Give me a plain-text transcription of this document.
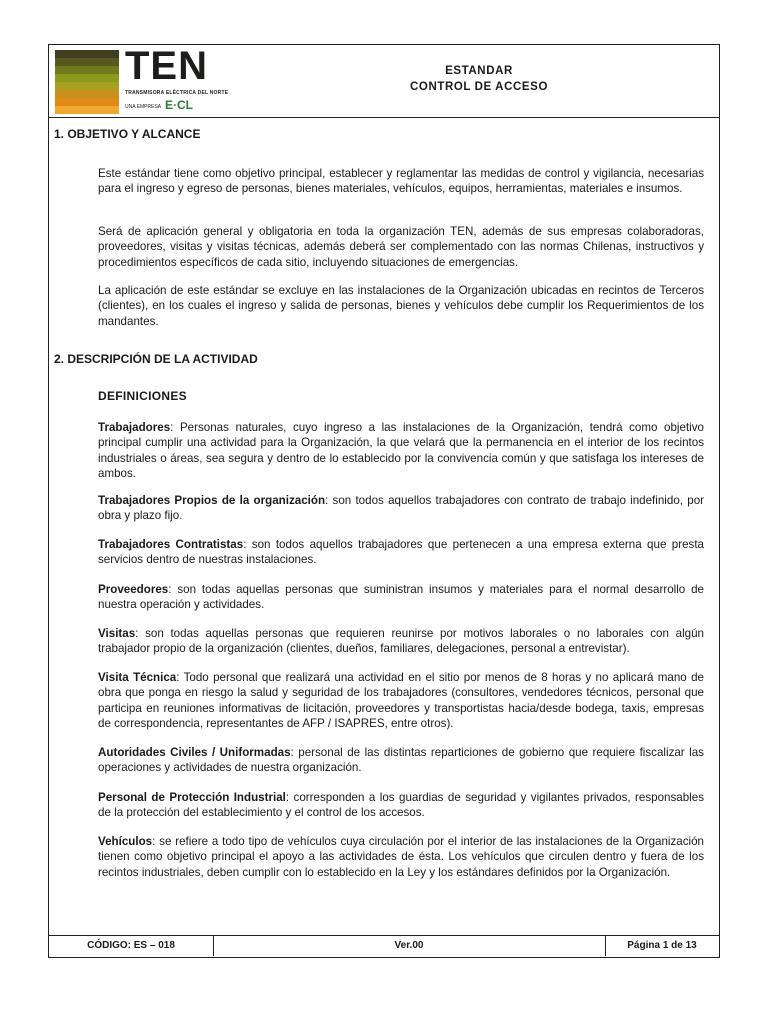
TEN
TRANSMISORA ELÉCTRICA DEL NORTE
UNA EMPRESA E·CL
ESTANDAR
CONTROL DE ACCESO
1. OBJETIVO Y ALCANCE

Este estándar tiene como objetivo principal, establecer y reglamentar las medidas de control y vigilancia, necesarias para el ingreso y egreso de personas, bienes materiales, vehículos, equipos, herramientas, materiales e insumos.

Será de aplicación general y obligatoria en toda la organización TEN, además de sus empresas colaboradoras, proveedores, visitas y visitas técnicas, además deberá ser complementado con las normas Chilenas, instructivos y procedimientos específicos de cada sitio, incluyendo situaciones de emergencias.

La aplicación de este estándar se excluye en las instalaciones de la Organización ubicadas en recintos de Terceros (clientes), en los cuales el ingreso y salida de personas, bienes y vehículos debe cumplir los Requerimientos de los mandantes.

2. DESCRIPCIÓN DE LA ACTIVIDAD
DEFINICIONES

Trabajadores: Personas naturales, cuyo ingreso a las instalaciones de la Organización, tendrá como objetivo principal cumplir una actividad para la Organización, la que velará que la permanencia en el interior de los recintos industriales o áreas, sea segura y dentro de lo establecido por la convivencia común y que satisfaga los intereses de ambos.

Trabajadores Propios de la organización: son todos aquellos trabajadores con contrato de trabajo indefinido, por obra y plazo fijo.

Trabajadores Contratistas: son todos aquellos trabajadores que pertenecen a una empresa externa que presta servicios dentro de nuestras instalaciones.

Proveedores: son todas aquellas personas que suministran insumos y materiales para el normal desarrollo de nuestra operación y actividades.

Visitas: son todas aquellas personas que requieren reunirse por motivos laborales o no laborales con algún trabajador propio de la organización (clientes, dueños, familiares, delegaciones, personal a entrevistar).

Visita Técnica: Todo personal que realizará una actividad en el sitio por menos de 8 horas y no aplicará mano de obra que ponga en riesgo la salud y seguridad de los trabajadores (consultores, vendedores técnicos, personal que participa en reuniones informativas de licitación, proveedores y transportistas hacia/desde bodega, taxis, empresas de correspondencia, representantes de AFP / ISAPRES, entre otros).

Autoridades Civiles / Uniformadas: personal de las distintas reparticiones de gobierno que requiere fiscalizar las operaciones y actividades de nuestra organización.

Personal de Protección Industrial: corresponden a los guardias de seguridad y vigilantes privados, responsables de la protección del establecimiento y el control de los accesos.

Vehículos: se refiere a todo tipo de vehículos cuya circulación por el interior de las instalaciones de la Organización tienen como objetivo principal el apoyo a las actividades de ésta. Los vehículos que circulen dentro y fuera de los recintos industriales, deben cumplir con lo establecido en la Ley y los estándares definidos por la Organización.

CÓDIGO: ES – 018	Ver.00	Página 1 de 13
